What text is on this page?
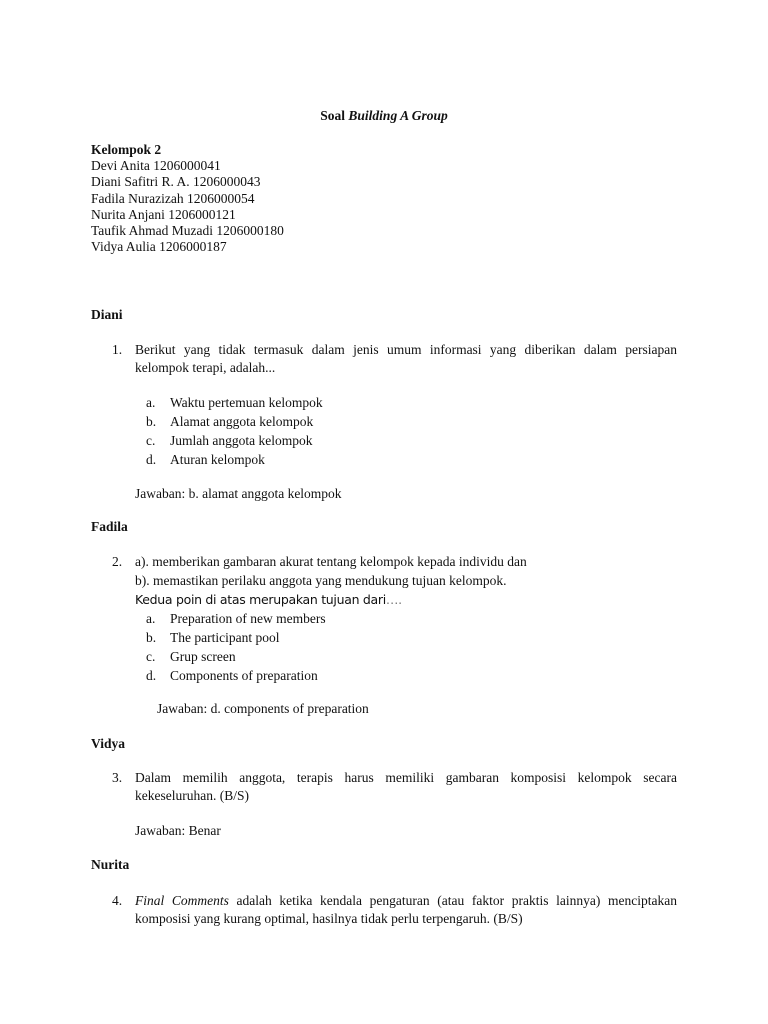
Soal Building A Group
Kelompok 2
Devi Anita 1206000041
Diani Safitri R. A. 1206000043
Fadila Nurazizah 1206000054
Nurita Anjani 1206000121
Taufik Ahmad Muzadi 1206000180
Vidya Aulia 1206000187
Diani
1. Berikut yang tidak termasuk dalam jenis umum informasi yang diberikan dalam persiapan
kelompok terapi, adalah...
a. Waktu pertemuan kelompok
b. Alamat anggota kelompok
c. Jumlah anggota kelompok
d. Aturan kelompok
Jawaban: b. alamat anggota kelompok
Fadila
2. a). memberikan gambaran akurat tentang kelompok kepada individu dan
b). memastikan perilaku anggota yang mendukung tujuan kelompok.
Kedua poin di atas merupakan tujuan dari….
a. Preparation of new members
b. The participant pool
c. Grup screen
d. Components of preparation
Jawaban: d. components of preparation
Vidya
3. Dalam memilih anggota, terapis harus memiliki gambaran komposisi kelompok secara
kekeseluruhan. (B/S)
Jawaban: Benar
Nurita
4. Final Comments adalah ketika kendala pengaturan (atau faktor praktis lainnya) menciptakan
komposisi yang kurang optimal, hasilnya tidak perlu terpengaruh. (B/S)
